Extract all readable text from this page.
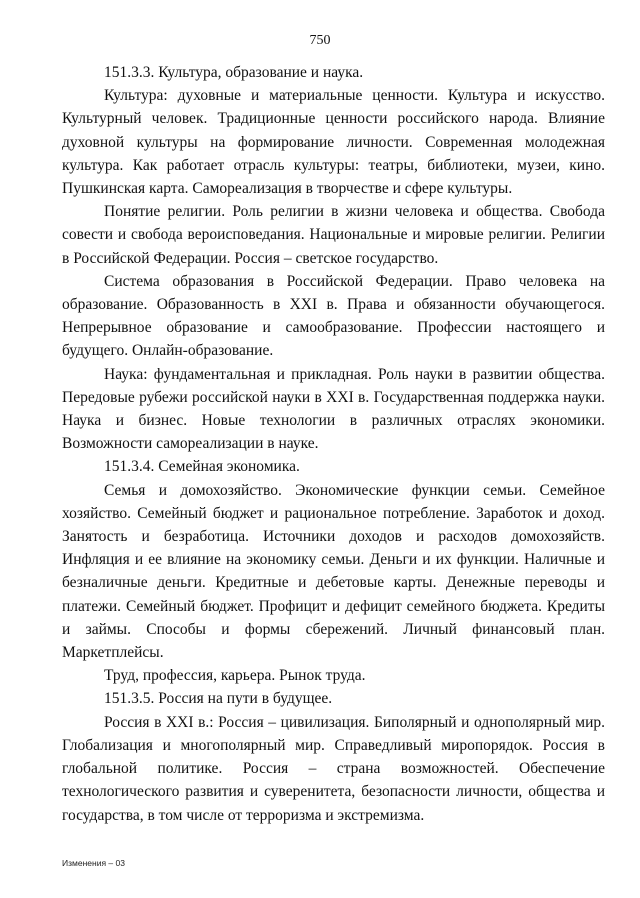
750

151.3.3. Культура, образование и наука.

Культура: духовные и материальные ценности. Культура и искусство. Культурный человек. Традиционные ценности российского народа. Влияние духовной культуры на формирование личности. Современная молодежная культура. Как работает отрасль культуры: театры, библиотеки, музеи, кино. Пушкинская карта. Самореализация в творчестве и сфере культуры.

Понятие религии. Роль религии в жизни человека и общества. Свобода совести и свобода вероисповедания. Национальные и мировые религии. Религии в Российской Федерации. Россия – светское государство.

Система образования в Российской Федерации. Право человека на образование. Образованность в XXI в. Права и обязанности обучающегося. Непрерывное образование и самообразование. Профессии настоящего и будущего. Онлайн-образование.

Наука: фундаментальная и прикладная. Роль науки в развитии общества. Передовые рубежи российской науки в XXI в. Государственная поддержка науки. Наука и бизнес. Новые технологии в различных отраслях экономики. Возможности самореализации в науке.

151.3.4. Семейная экономика.

Семья и домохозяйство. Экономические функции семьи. Семейное хозяйство. Семейный бюджет и рациональное потребление. Заработок и доход. Занятость и безработица. Источники доходов и расходов домохозяйств. Инфляция и ее влияние на экономику семьи. Деньги и их функции. Наличные и безналичные деньги. Кредитные и дебетовые карты. Денежные переводы и платежи. Семейный бюджет. Профицит и дефицит семейного бюджета. Кредиты и займы. Способы и формы сбережений. Личный финансовый план. Маркетплейсы.

Труд, профессия, карьера. Рынок труда.

151.3.5. Россия на пути в будущее.

Россия в XXI в.: Россия – цивилизация. Биполярный и однополярный мир. Глобализация и многополярный мир. Справедливый миропорядок. Россия в глобальной политике. Россия – страна возможностей. Обеспечение технологического развития и суверенитета, безопасности личности, общества и государства, в том числе от терроризма и экстремизма.

Изменения – 03
